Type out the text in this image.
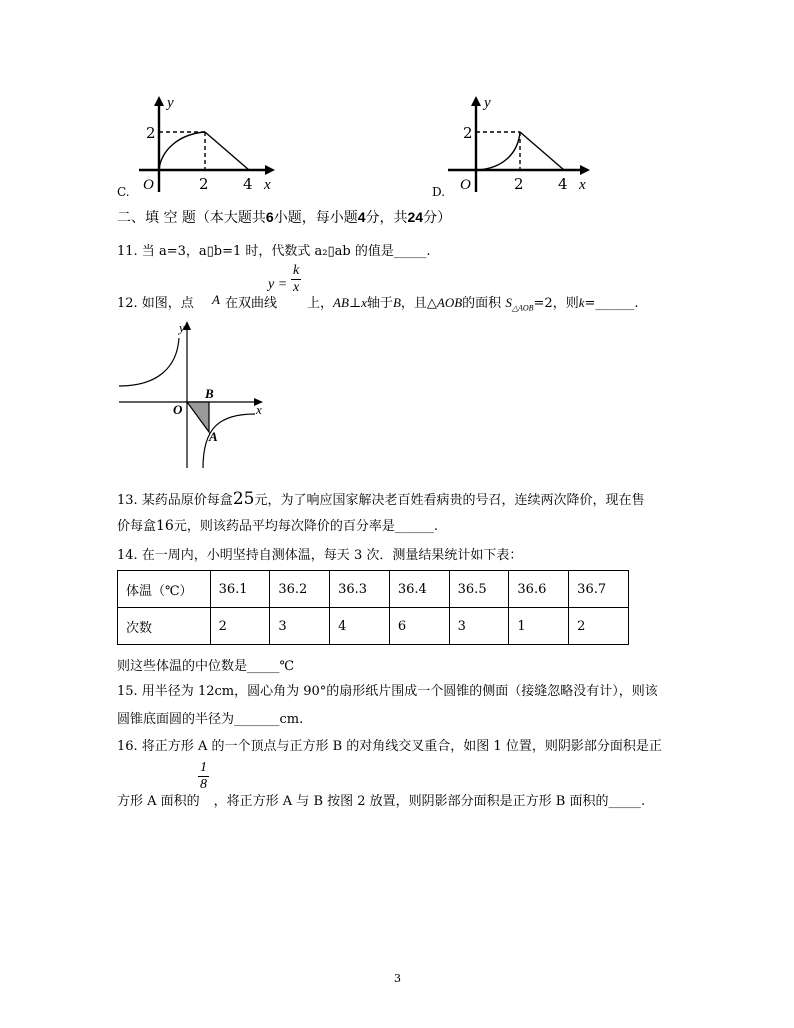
y
2
O	2 4 x
C.
y
2
O	2 4 x
D.
二、填 空 题（本大题共6小题，每小题4分，共24分）
11. 当 a=3，a▯b=1 时，代数式 a₂▯ab 的值是_____.
12. 如图，点 A 在双曲线
$y = \frac{k}{x}$
上，AB⊥x轴于B，且△AOB的面积 $S_{\triangle AOB}=2$，则k=______.
y
x
O
B
A
13. 某药品原价每盒25元，为了响应国家解决老百姓看病贵的号召，连续两次降价，现在售
价每盒16元，则该药品平均每次降价的百分率是______.
14. 在一周内，小明坚持自测体温，每天 3 次．测量结果统计如下表：
体温（℃）	36.1	36.2	36.3	36.4	36.5	36.6	36.7
次数	2	3	4	6	3	1	2
则这些体温的中位数是_____℃
15. 用半径为 12cm，圆心角为 90°的扇形纸片围成一个圆锥的侧面（接缝忽略没有计），则该
圆锥底面圆的半径为_______cm.
16. 将正方形 A 的一个顶点与正方形 B 的对角线交叉重合，如图 1 位置，则阴影部分面积是正
$\frac{1}{8}$
方形 A 面积的 ，将正方形 A 与 B 按图 2 放置，则阴影部分面积是正方形 B 面积的_____.
3
